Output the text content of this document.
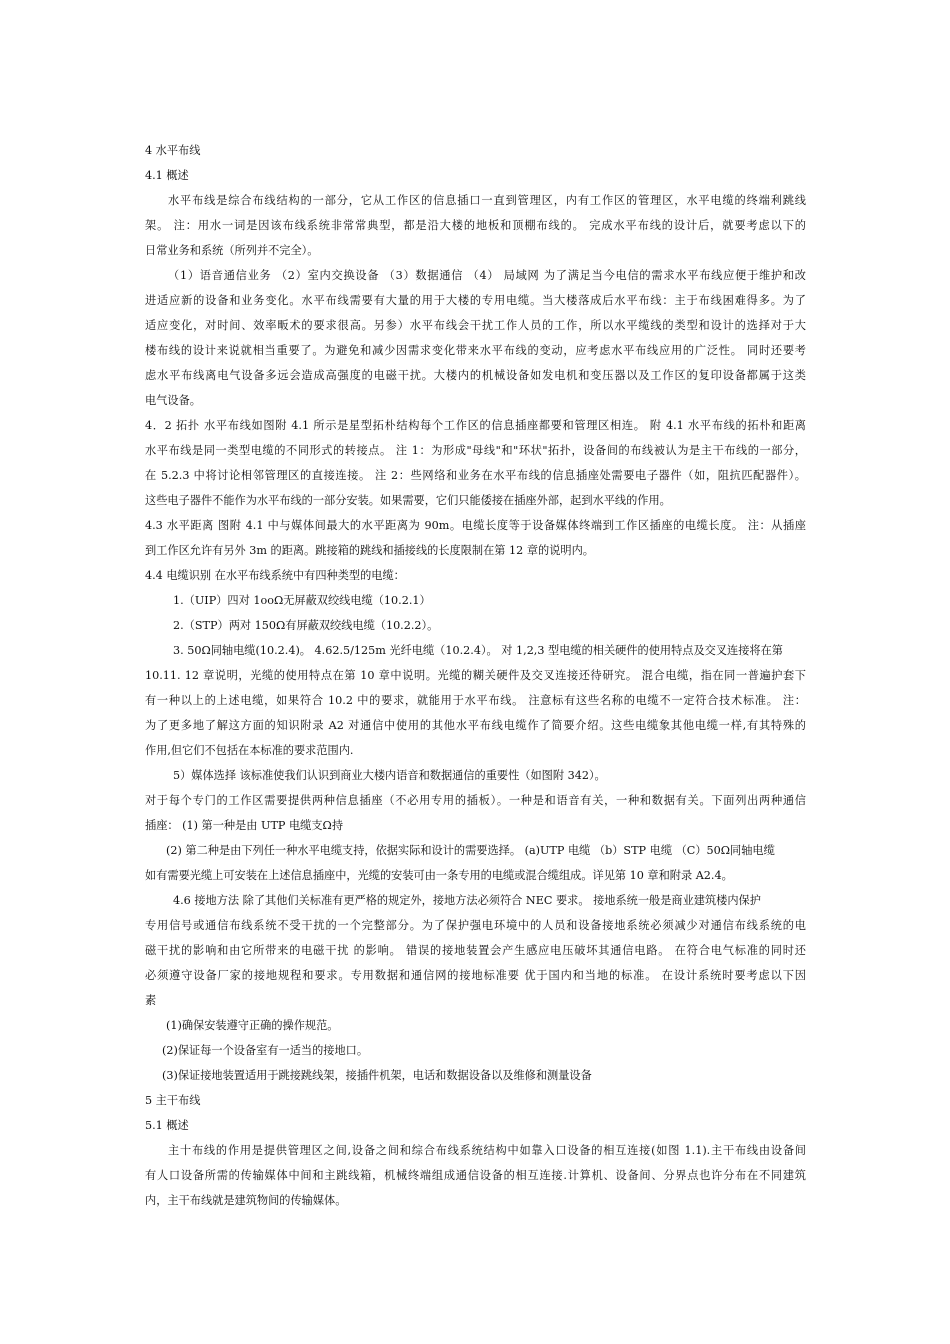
4 水平布线
4.1 概述
水平布线是综合布线结构的一部分，它从工作区的信息插口一直到管理区，内有工作区的管理区，水平电缆的终端利跳线
架。 注：用水一词是因该布线系统非常常典型，都是沿大楼的地板和顶棚布线的。 完成水平布线的设计后，就要考虑以下的
日常业务和系统（所列并不完全）。
（1）语音通信业务 （2）室内交换设备 （3）数据通信 （4） 局域网 为了满足当今电信的需求水平布线应便于维护和改
进适应新的设备和业务变化。水平布线需要有大量的用于大楼的专用电缆。当大楼落成后水平布线：主于布线困难得多。为了
适应变化，对时间、效率畈术的要求很高。另参）水平布线会干扰工作人员的工作，所以水平缆线的类型和设计的选择对于大
楼布线的设计来说就相当重要了。为避免和减少因需求变化带来水平布线的变动，应考虑水平布线应用的广泛性。 同时还要考
虑水平布线离电气设备多远会造成高强度的电磁干扰。大楼内的机械设备如发电机和变压器以及工作区的复印设备都属于这类
电气设备。
4．2 拓扑 水平布线如图附 4.1 所示是星型拓朴结构每个工作区的信息插座都要和管理区相连。 附 4.1 水平布线的拓朴和距离
水平布线是同一类型电缆的不同形式的转接点。 注 1：为形成"母线"和"环状"拓扑，设备间的布线被认为是主干布线的一部分，
在 5.2.3 中将讨论相邻管理区的直接连接。 注 2：些网络和业务在水平布线的信息插座处需要电子器件（如，阻抗匹配器件）。
这些电子器件不能作为水平布线的一部分安装。如果需要，它们只能倭接在插座外部，起到水平线的作用。
4.3 水平距离 图附 4.1 中与媒体间最大的水平距离为 90m。电缆长度等于设备媒体终端到工作区插座的电缆长度。 注：从插座
到工作区允许有另外 3m 的距离。跳接箱的跳线和插接线的长度限制在第 12 章的说明内。
4.4 电缆识别 在水平布线系统中有四种类型的电缆：
1.（UIP）四对 1ooΩ无屏蔽双绞线电缆（10.2.1）
2.（STP）两对 150Ω有屏蔽双绞线电缆（10.2.2）。
3. 50Ω同轴电缆(10.2.4)。 4.62.5/125m 光纤电缆（10.2.4）。 对 1,2,3 型电缆的相关硬件的使用特点及交叉连接将在第
10.11. 12 章说明，光缆的使用特点在第 10 章中说明。光缆的糊关硬件及交叉连接还待研究。 混合电缆，指在同一普遍护套下
有一种以上的上述电缆，如果符合 10.2 中的要求，就能用于水平布线。 注意标有这些名称的电缆不一定符合技术标准。 注：
为了更多地了解这方面的知识附录 A2 对通信中使用的其他水平布线电缆作了简要介绍。这些电缆象其他电缆一样,有其特殊的
作用,但它们不包括在本标准的要求范围内.
5）媒体选择 该标准使我们认识到商业大楼内语音和数据通信的重要性（如图附 342）。
对于每个专门的工作区需要提供两种信息插座（不必用专用的插板）。一种是和语音有关，一种和数据有关。下面列出两种通信
插座： (1) 第一种是由 UTP 电缆支Ω持
(2) 第二种是由下列任一种水平电缆支持，依据实际和设计的需要选择。 (a)UTP 电缆 （b）STP 电缆 （C）50Ω同轴电缆
如有需要光缆上可安装在上述信息插座中，光缆的安装可由一条专用的电缆或混合缆组成。详见第 10 章和附录 A2.4。
4.6 接地方法 除了其他们关标准有更严格的规定外，接地方法必须符合 NEC 要求。 接地系统一般是商业建筑楼内保护
专用信号或通信布线系统不受干扰的一个完整部分。为了保护强电环境中的人员和设备接地系统必须减少对通信布线系统的电
磁干扰的影响和由它所带来的电磁干扰 的影响。 错误的接地装置会产生感应电压破坏其通信电路。 在符合电气标准的同时还
必须遵守设备厂家的接地规程和要求。专用数据和通信网的接地标准要 优于国内和当地的标准。 在设计系统时要考虑以下因
素
(1)确保安装遵守正确的操作规范。
(2)保证每一个设备室有一适当的接地口。
(3)保证接地装置适用于跳接跳线架，接插件机架，电话和数据设备以及维修和测量设备
5 主干布线
5.1 概述
主十布线的作用是提供管理区之间,设备之间和综合布线系统结构中如靠入口设备的相互连接(如图 1.1).主干布线由设备间
有人口设备所需的传输媒体中间和主跳线箱，机械终端组成通信设备的相互连接.计算机、设备间、分界点也许分布在不同建筑
内，主干布线就是建筑物间的传输媒体。
